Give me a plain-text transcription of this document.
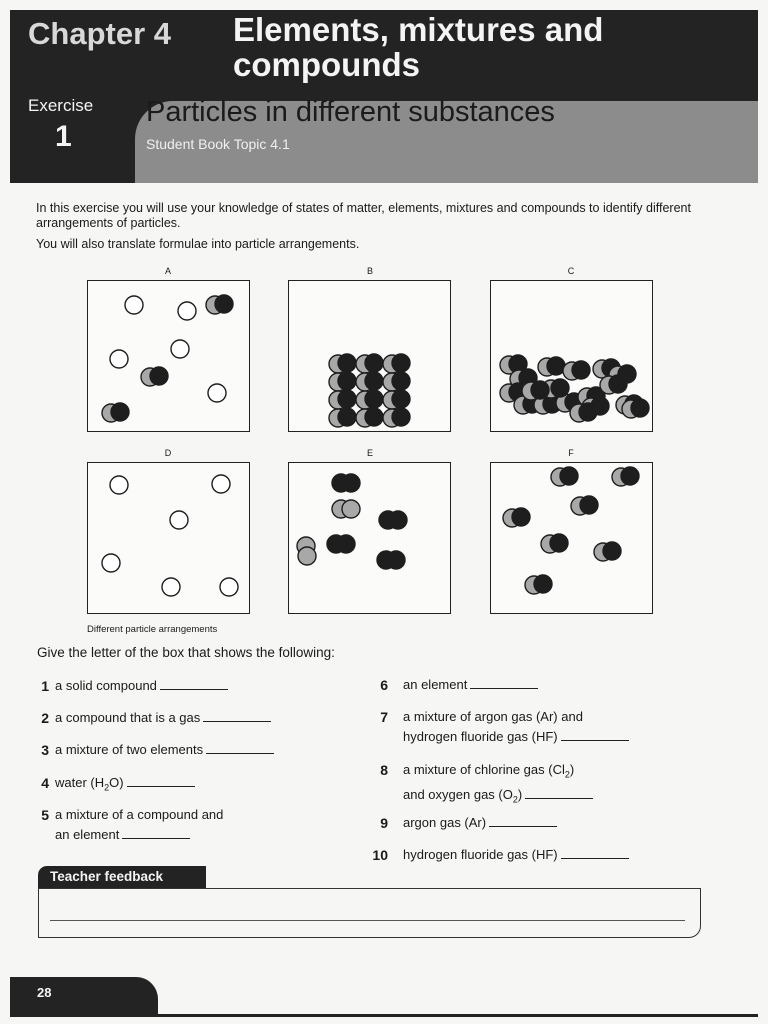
Chapter 4 Elements, mixtures and compounds
Exercise
1
Particles in different substances
Student Book Topic 4.1

In this exercise you will use your knowledge of states of matter, elements, mixtures and compounds to identify different arrangements of particles.

You will also translate formulae into particle arrangements.

A	B	C
D	E	F
Different particle arrangements
Give the letter of the box that shows the following:
1 a solid compound
2 a compound that is a gas
3 a mixture of two elements
4 water $(H_2O)$
5 a mixture of a compound and
an element
6 an element
7 a mixture of argon gas (Ar) and
hydrogen fluoride gas (HF)
8 a mixture of chlorine gas $(Cl_2)$
and oxygen gas $(O_2)$
9 argon gas (Ar)
10 hydrogen fluoride gas (HF)
Teacher feedback
28
